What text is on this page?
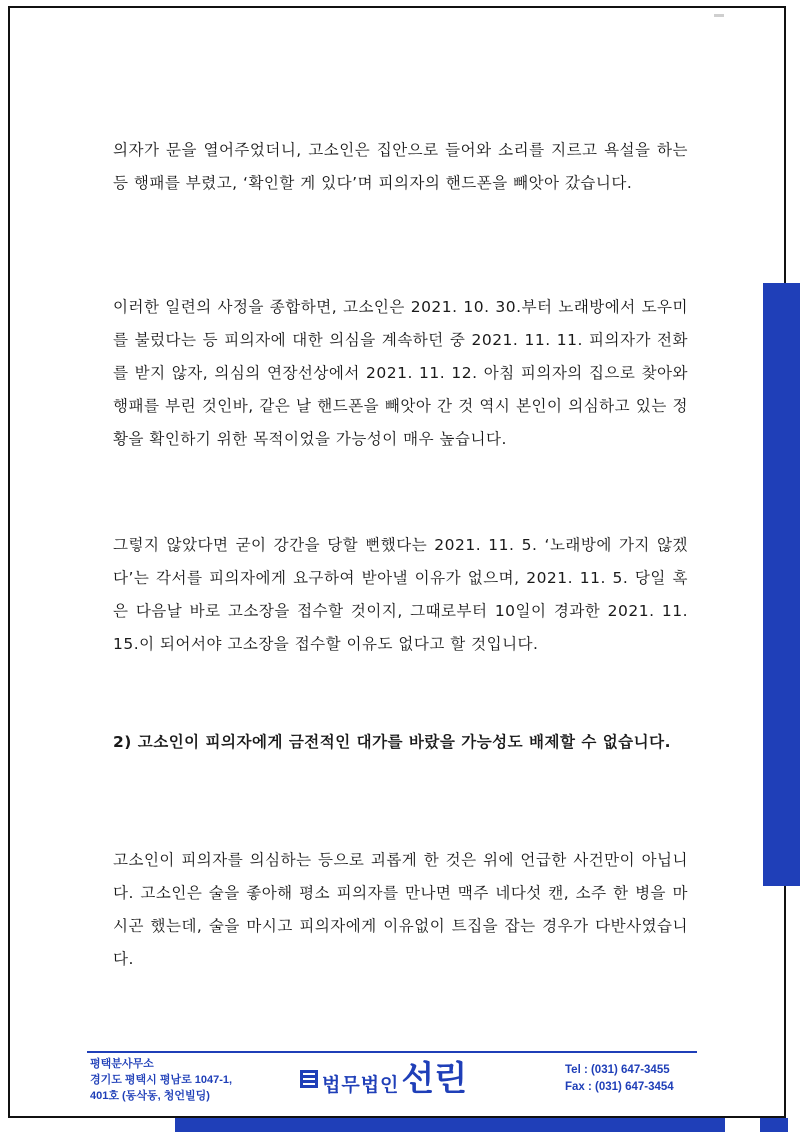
의자가 문을 열어주었더니, 고소인은 집안으로 들어와 소리를 지르고 욕설을 하는 등 행패를 부렸고, ‘확인할 게 있다’며 피의자의 핸드폰을 빼앗아 갔습니다.

이러한 일련의 사정을 종합하면, 고소인은 2021. 10. 30.부터 노래방에서 도우미를 불렀다는 등 피의자에 대한 의심을 계속하던 중 2021. 11. 11. 피의자가 전화를 받지 않자, 의심의 연장선상에서 2021. 11. 12. 아침 피의자의 집으로 찾아와 행패를 부린 것인바, 같은 날 핸드폰을 빼앗아 간 것 역시 본인이 의심하고 있는 정황을 확인하기 위한 목적이었을 가능성이 매우 높습니다.

그렇지 않았다면 굳이 강간을 당할 뻔했다는 2021. 11. 5. ‘노래방에 가지 않겠다’는 각서를 피의자에게 요구하여 받아낼 이유가 없으며, 2021. 11. 5. 당일 혹은 다음날 바로 고소장을 접수할 것이지, 그때로부터 10일이 경과한 2021. 11. 15.이 되어서야 고소장을 접수할 이유도 없다고 할 것입니다.

2) 고소인이 피의자에게 금전적인 대가를 바랐을 가능성도 배제할 수 없습니다.

고소인이 피의자를 의심하는 등으로 괴롭게 한 것은 위에 언급한 사건만이 아닙니다. 고소인은 술을 좋아해 평소 피의자를 만나면 맥주 네다섯 캔, 소주 한 병을 마시곤 했는데, 술을 마시고 피의자에게 이유없이 트집을 잡는 경우가 다반사였습니다.

평택분사무소
경기도 평택시 평남로 1047-1,
401호 (동삭동, 청언빌딩)
법무법인 선린	Tel : (031) 647-3455
Fax : (031) 647-3454
